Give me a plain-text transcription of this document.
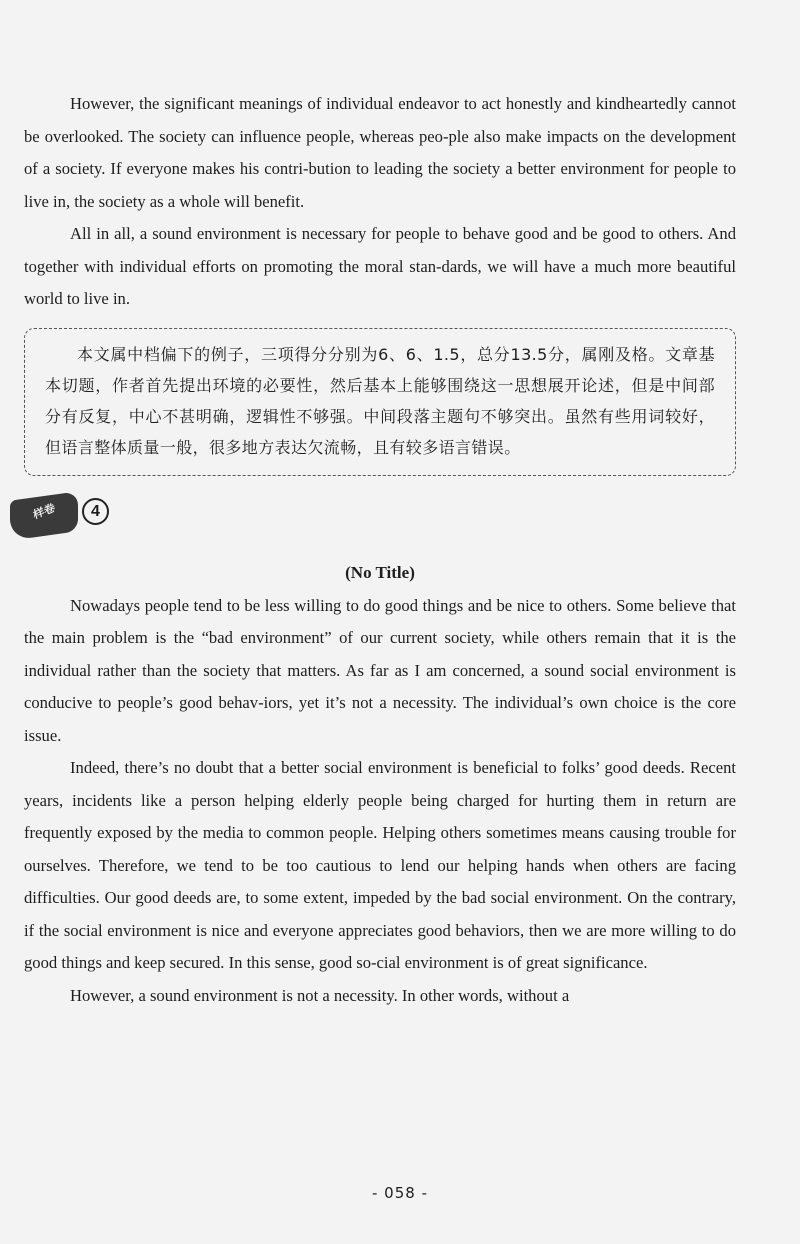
However, the significant meanings of individual endeavor to act honestly and kindheartedly cannot be overlooked. The society can influence people, whereas peo-ple also make impacts on the development of a society. If everyone makes his contri-bution to leading the society a better environment for people to live in, the society as a whole will benefit.

All in all, a sound environment is necessary for people to behave good and be good to others. And together with individual efforts on promoting the moral stan-dards, we will have a much more beautiful world to live in.

本文属中档偏下的例子，三项得分分别为6、6、1.5，总分13.5分，属刚及格。文章基本切题，作者首先提出环境的必要性，然后基本上能够围绕这一思想展开论述，但是中间部分有反复，中心不甚明确，逻辑性不够强。中间段落主题句不够突出。虽然有些用词较好，但语言整体质量一般，很多地方表达欠流畅，且有较多语言错误。

样卷	4
(No Title)

Nowadays people tend to be less willing to do good things and be nice to others. Some believe that the main problem is the “bad environment” of our current society, while others remain that it is the individual rather than the society that matters. As far as I am concerned, a sound social environment is conducive to people’s good behav-iors, yet it’s not a necessity. The individual’s own choice is the core issue.

Indeed, there’s no doubt that a better social environment is beneficial to folks’ good deeds. Recent years, incidents like a person helping elderly people being charged for hurting them in return are frequently exposed by the media to common people. Helping others sometimes means causing trouble for ourselves. Therefore, we tend to be too cautious to lend our helping hands when others are facing difficulties. Our good deeds are, to some extent, impeded by the bad social environment. On the contrary, if the social environment is nice and everyone appreciates good behaviors, then we are more willing to do good things and keep secured. In this sense, good so-cial environment is of great significance.

However, a sound environment is not a necessity. In other words, without a

- 058 -
